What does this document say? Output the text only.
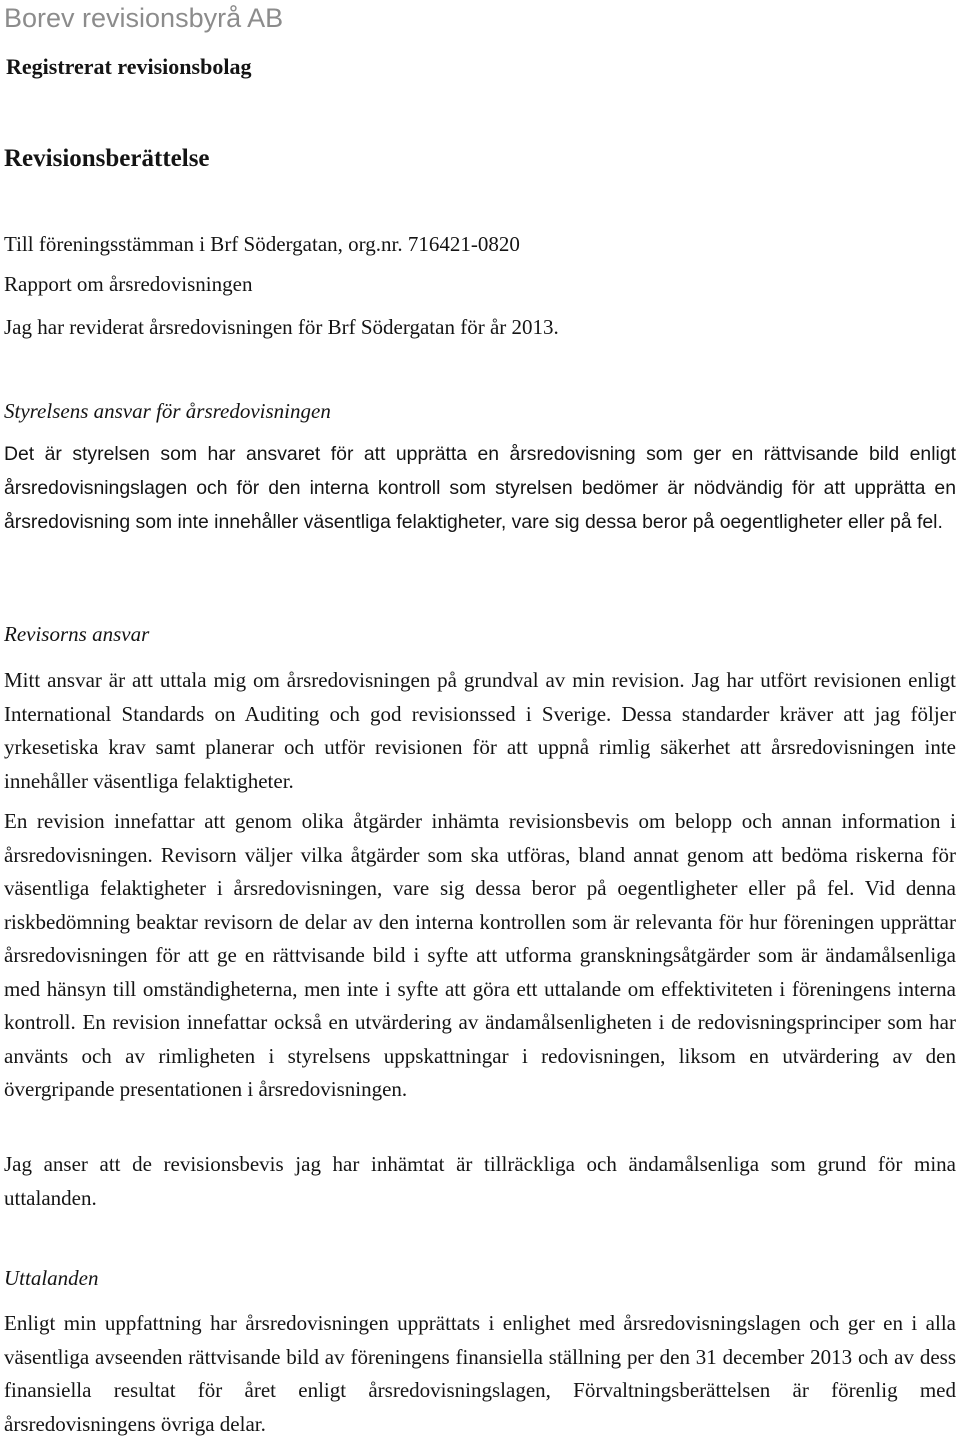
Borev revisionsbyrå AB
Registrerat revisionsbolag
Revisionsberättelse
Till föreningsstämman i Brf Södergatan, org.nr. 716421-0820
Rapport om årsredovisningen
Jag har reviderat årsredovisningen för Brf Södergatan för år 2013.
Styrelsens ansvar för årsredovisningen
Det är styrelsen som har ansvaret för att upprätta en årsredovisning som ger en rättvisande bild enligt årsredovisningslagen och för den interna kontroll som styrelsen bedömer är nödvändig för att upprätta en årsredovisning som inte innehåller väsentliga felaktigheter, vare sig dessa beror på oegentligheter eller på fel.
Revisorns ansvar
Mitt ansvar är att uttala mig om årsredovisningen på grundval av min revision. Jag har utfört revisionen enligt International Standards on Auditing och god revisionssed i Sverige. Dessa standarder kräver att jag följer yrkesetiska krav samt planerar och utför revisionen för att uppnå rimlig säkerhet att årsredovisningen inte innehåller väsentliga felaktigheter.
En revision innefattar att genom olika åtgärder inhämta revisionsbevis om belopp och annan information i årsredovisningen. Revisorn väljer vilka åtgärder som ska utföras, bland annat genom att bedöma riskerna för väsentliga felaktigheter i årsredovisningen, vare sig dessa beror på oegentligheter eller på fel. Vid denna riskbedömning beaktar revisorn de delar av den interna kontrollen som är relevanta för hur föreningen upprättar årsredovisningen för att ge en rättvisande bild i syfte att utforma granskningsåtgärder som är ändamålsenliga med hänsyn till omständigheterna, men inte i syfte att göra ett uttalande om effektiviteten i föreningens interna kontroll. En revision innefattar också en utvärdering av ändamålsenligheten i de redovisningsprinciper som har använts och av rimligheten i styrelsens uppskattningar i redovisningen, liksom en utvärdering av den övergripande presentationen i årsredovisningen.
Jag anser att de revisionsbevis jag har inhämtat är tillräckliga och ändamålsenliga som grund för mina uttalanden.
Uttalanden
Enligt min uppfattning har årsredovisningen upprättats i enlighet med årsredovisningslagen och ger en i alla väsentliga avseenden rättvisande bild av föreningens finansiella ställning per den 31 december 2013 och av dess finansiella resultat för året enligt årsredovisningslagen, Förvaltningsberättelsen är förenlig med årsredovisningens övriga delar.
